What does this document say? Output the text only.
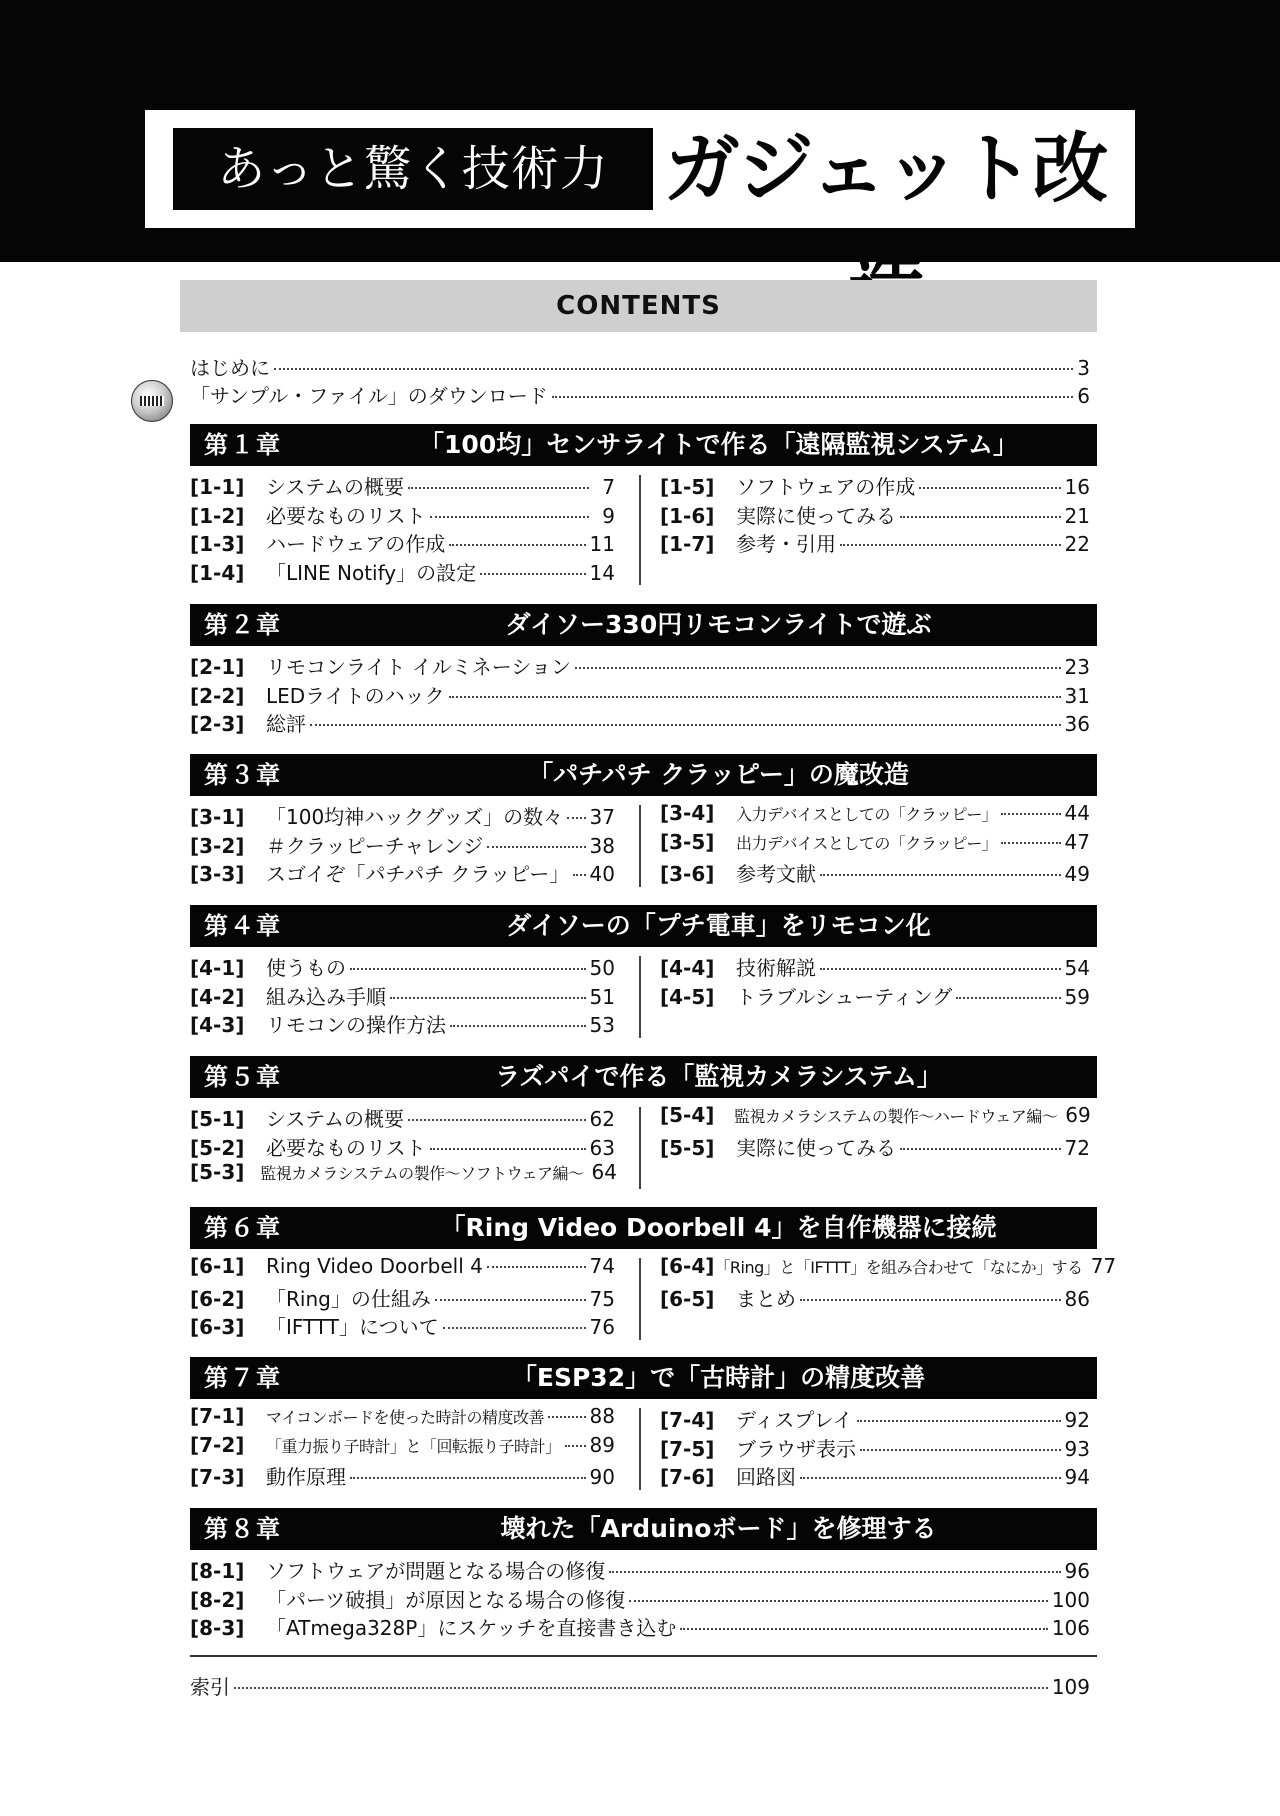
あっと驚く技術力 ガジェット改
CONTENTS
はじめに	3
「サンプル・ファイル」のダウンロード	6
第１章	「100均」センサライトで作る「遠隔監視システム」
[1-1]	システムの概要	7
[1-2]	必要なものリスト	9
[1-3]	ハードウェアの作成	11
[1-4]	「LINE Notify」の設定	14
[1-5]	ソフトウェアの作成	16
[1-6]	実際に使ってみる	21
[1-7]	参考・引用	22
第２章	ダイソー330円リモコンライトで遊ぶ
[2-1]	リモコンライト イルミネーション	23
[2-2]	LEDライトのハック	31
[2-3]	総評	36
第３章	「パチパチ クラッピー」の魔改造
[3-1]	「100均神ハックグッズ」の数々 37
[3-2]	＃クラッピーチャレンジ	38
[3-3]	スゴイぞ「パチパチ クラッピー」 40
[3-4]	入力デバイスとしての「クラッピー」	44
[3-5]	出力デバイスとしての「クラッピー」	47
[3-6]	参考文献	49
第４章	ダイソーの「プチ電車」をリモコン化
[4-1]	使うもの	50
[4-2]	組み込み手順	51
[4-3]	リモコンの操作方法	53
[4-4]	技術解説	54
[4-5]	トラブルシューティング	59
第５章	ラズパイで作る「監視カメラシステム」
[5-1]	システムの概要	62
[5-2]	必要なものリスト	63
[5-3] 監視カメラシステムの製作～ソフトウェア編～ 64
[5-4]	監視カメラシステムの製作～ハードウェア編～ 69
[5-5]	実際に使ってみる	72
第６章	「Ring Video Doorbell 4」を自作機器に接続
[6-1]	Ring Video Doorbell 4	74
[6-2]	「Ring」の仕組み	75
[6-3]	「IFTTT」について	76
[6-4] 「Ring」と「IFTTT」を組み合わせて「なにか」する 77
[6-5]	まとめ	86
第７章	「ESP32」で「古時計」の精度改善
[7-1]	マイコンボードを使った時計の精度改善 88
[7-2]	「重力振り子時計」と「回転振り子時計」 89
[7-3]	動作原理	90
[7-4]	ディスプレイ	92
[7-5]	ブラウザ表示	93
[7-6]	回路図	94
第８章	壊れた「Arduinoボード」を修理する
[8-1]	ソフトウェアが問題となる場合の修復	96
[8-2]	「パーツ破損」が原因となる場合の修復	100
[8-3]	「ATmega328P」にスケッチを直接書き込む	106
索引	109
